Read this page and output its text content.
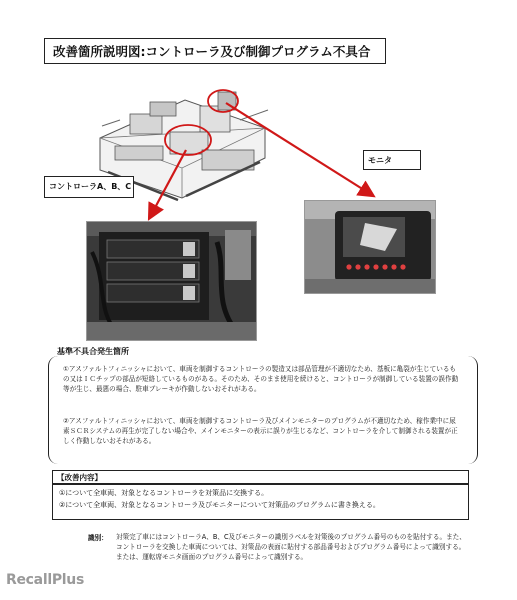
改善箇所説明図:コントローラ及び制御プログラム不具合
コントローラA、B、C
モニタ
基準不具合発生箇所
①アスファルトフィニッシャにおいて、車両を制御するコントローラの製造又は部品管理が不適切なため、基板に亀裂が生じているもの又はＩＣチップの部品が短絡しているものがある。そのため、そのまま使用を続けると、コントローラが制御している装置の誤作動等が生じ、最悪の場合、駐車ブレーキが作動しないおそれがある。
②アスファルトフィニッシャにおいて、車両を制御するコントローラ及びメインモニターのプログラムが不適切なため、稼作業中に尿素ＳＣＲシステムの再生が完了しない場合や、メインモニターの表示に誤りが生じるなど、コントローラを介して制御される装置が正しく作動しないおそれがある。
【改善内容】
①について全車両、対象となるコントローラを対策品に交換する。
②について全車両、対象となるコントローラ及びモニターについて対策品のプログラムに書き換える。
識別： 対策完了車にはコントローラA、B、C及びモニターの識別ラベルを対策後のプログラム番号のものを貼付する。また、コントローラを交換した車両については、対策品の表面に貼付する部品番号およびプログラム番号によって識別する。または、運転席モニタ画面のプログラム番号によって識別する。
RecallPlus
